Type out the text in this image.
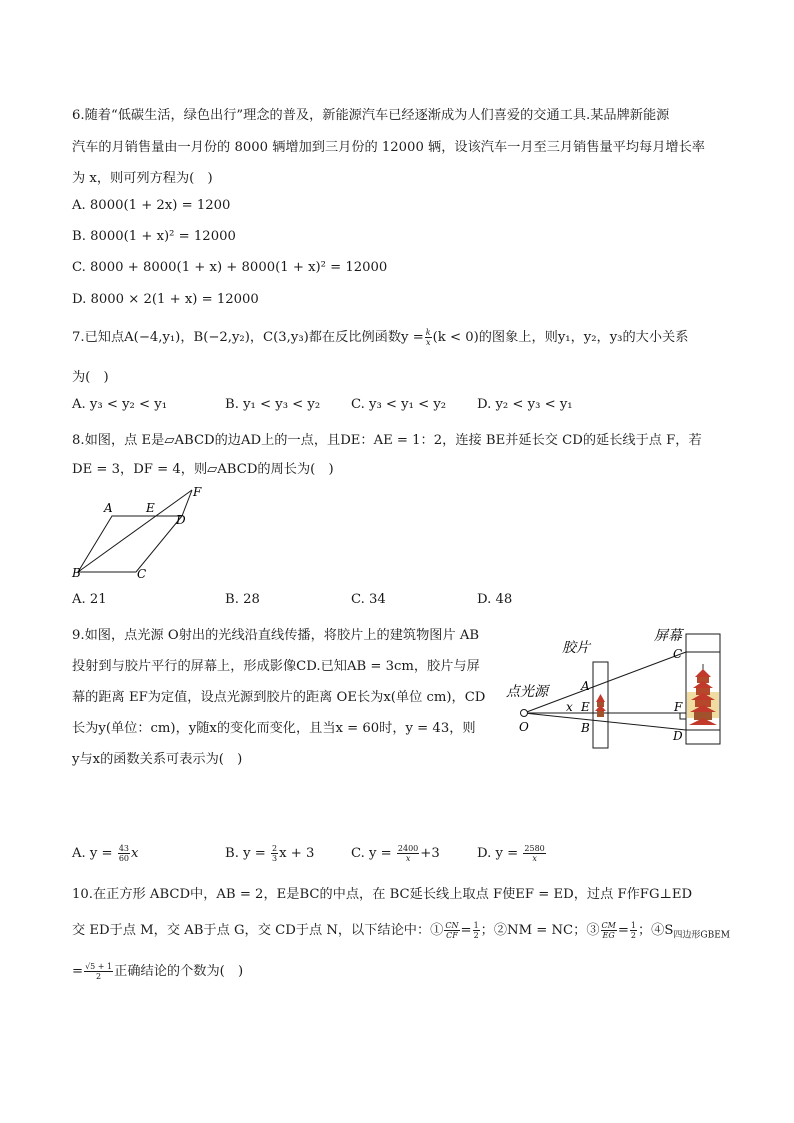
6.随着“低碳生活，绿色出行”理念的普及，新能源汽车已经逐渐成为人们喜爱的交通工具.某品牌新能源
汽车的月销售量由一月份的 8000 辆增加到三月份的 12000 辆，设该汽车一月至三月销售量平均每月增长率
为 x，则可列方程为(　)
A. 8000(1 + 2x) = 1200
B. 8000(1 + x)² = 12000
C. 8000 + 8000(1 + x) + 8000(1 + x)² = 12000
D. 8000 × 2(1 + x) = 12000
7.已知点A(−4,y₁)，B(−2,y₂)，C(3,y₃)都在反比例函数$y = \frac{k}{x} (k < 0)$的图象上，则y₁，y₂，y₃的大小关系
为(　)
A. y₃ < y₂ < y₁	B. y₁ < y₃ < y₂ C. y₃ < y₁ < y₂ D. y₂ < y₃ < y₁
8.如图，点 E是▱ABCD的边AD上的一点，且DE：AE = 1：2，连接 BE并延长交 CD的延长线于点 F，若
DE = 3，DF = 4，则▱ABCD的周长为(　)
A	E
F
D
B	C
A. 21	B. 28	C. 34	D. 48
9.如图，点光源 O射出的光线沿直线传播，将胶片上的建筑物图片 AB
投射到与胶片平行的屏幕上，形成影像CD.已知AB = 3cm，胶片与屏
幕的距离 EF为定值，设点光源到胶片的距离 OE长为x(单位 cm)，CD
长为y(单位：cm)，y随x的变化而变化，且当x = 60时，y = 43，则
y与x的函数关系可表示为(　)
胶片
屏幕
点光源
O
A
E
x
B
C
F
D
A. $y = \frac{43}{60}$ x	B. $y = \frac{2}{3}$ x + 3	C. $y = \frac{2400}{x} +3$	D. $y = \frac{2580}{x}$
10.在正方形 ABCD中，AB = 2，E是BC的中点，在 BC延长线上取点 F使EF = ED，过点 F作FG⊥ED
交 ED于点 M，交 AB于点 G，交 CD于点 N，以下结论中：① $\frac{CN}{CF} = \frac{1}{2}$ ；②NM = NC；③ $\frac{CM}{EG} = \frac{1}{2}$ ；$④S_{四边形GBEM}$
= $\frac{√5 + 1}{2}$ 正确结论的个数为(　)
